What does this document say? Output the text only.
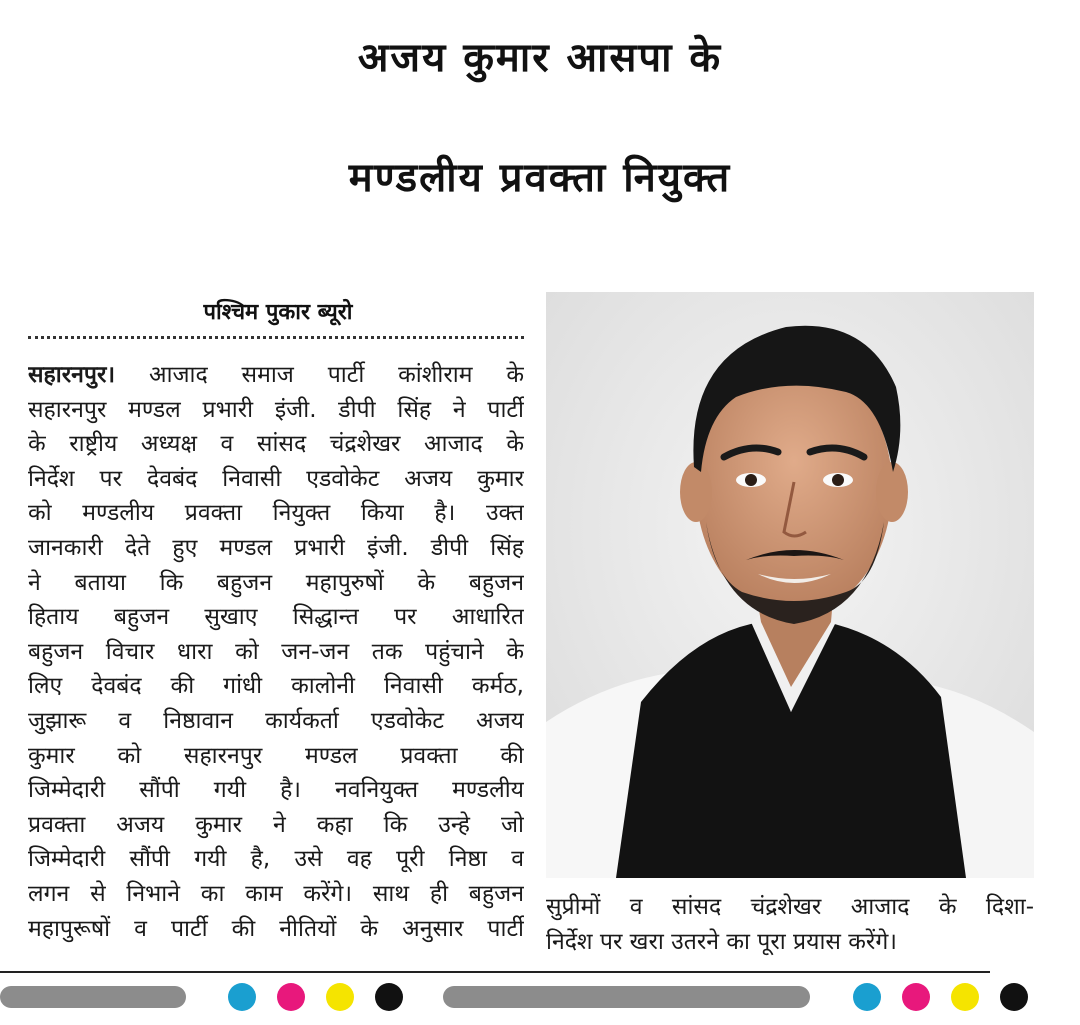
अजय कुमार आसपा के
मण्डलीय प्रवक्ता नियुक्त
पश्चिम पुकार ब्यूरो
सहारनपुर। आजाद समाज पार्टी कांशीराम के
सहारनपुर मण्डल प्रभारी इंजी. डीपी सिंह ने पार्टी
के राष्ट्रीय अध्यक्ष व सांसद चंद्रशेखर आजाद के
निर्देश पर देवबंद निवासी एडवोकेट अजय कुमार
को मण्डलीय प्रवक्ता नियुक्त किया है। उक्त
जानकारी देते हुए मण्डल प्रभारी इंजी. डीपी सिंह
ने बताया कि बहुजन महापुरुषों के बहुजन
हिताय बहुजन सुखाए सिद्धान्त पर आधारित
बहुजन विचार धारा को जन-जन तक पहुंचाने के
लिए देवबंद की गांधी कालोनी निवासी कर्मठ,
जुझारू व निष्ठावान कार्यकर्ता एडवोकेट अजय
कुमार को सहारनपुर मण्डल प्रवक्ता की
जिम्मेदारी सौंपी गयी है। नवनियुक्त मण्डलीय
प्रवक्ता अजय कुमार ने कहा कि उन्हे जो
जिम्मेदारी सौंपी गयी है, उसे वह पूरी निष्ठा व
लगन से निभाने का काम करेंगे। साथ ही बहुजन
महापुरूषों व पार्टी की नीतियों के अनुसार पार्टी
सुप्रीमों व सांसद चंद्रशेखर आजाद के दिशा-
निर्देश पर खरा उतरने का पूरा प्रयास करेंगे।
